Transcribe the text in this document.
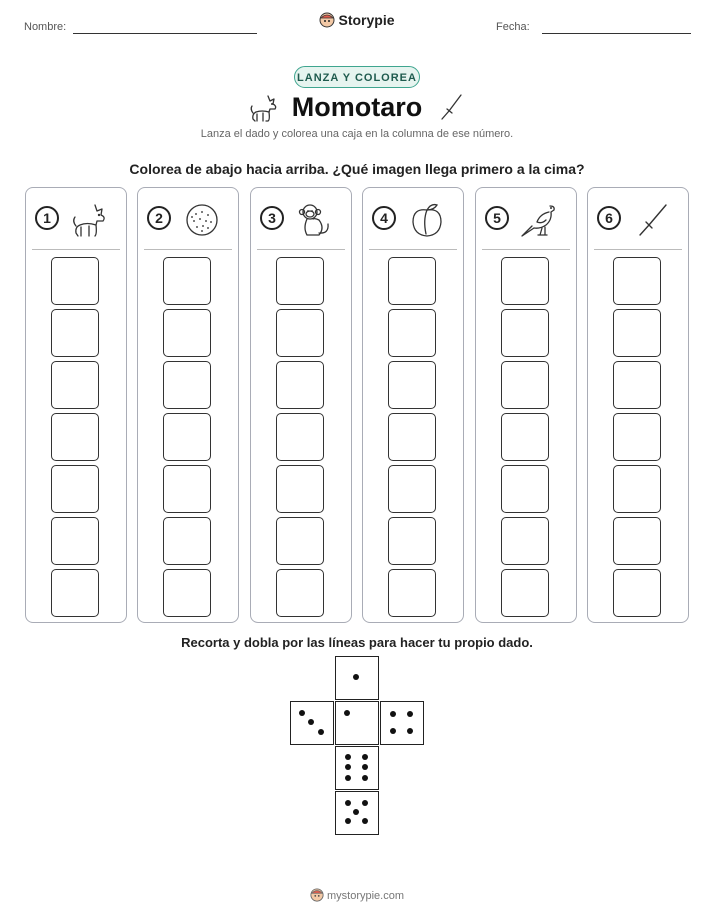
Nombre:	Storypie	Fecha:
LANZA Y COLOREA
Momotaro
Lanza el dado y colorea una caja en la columna de ese número.
Colorea de abajo hacia arriba. ¿Qué imagen llega primero a la cima?
1	2	3	4	5	6
Recorta y dobla por las líneas para hacer tu propio dado.
mystorypie.com
